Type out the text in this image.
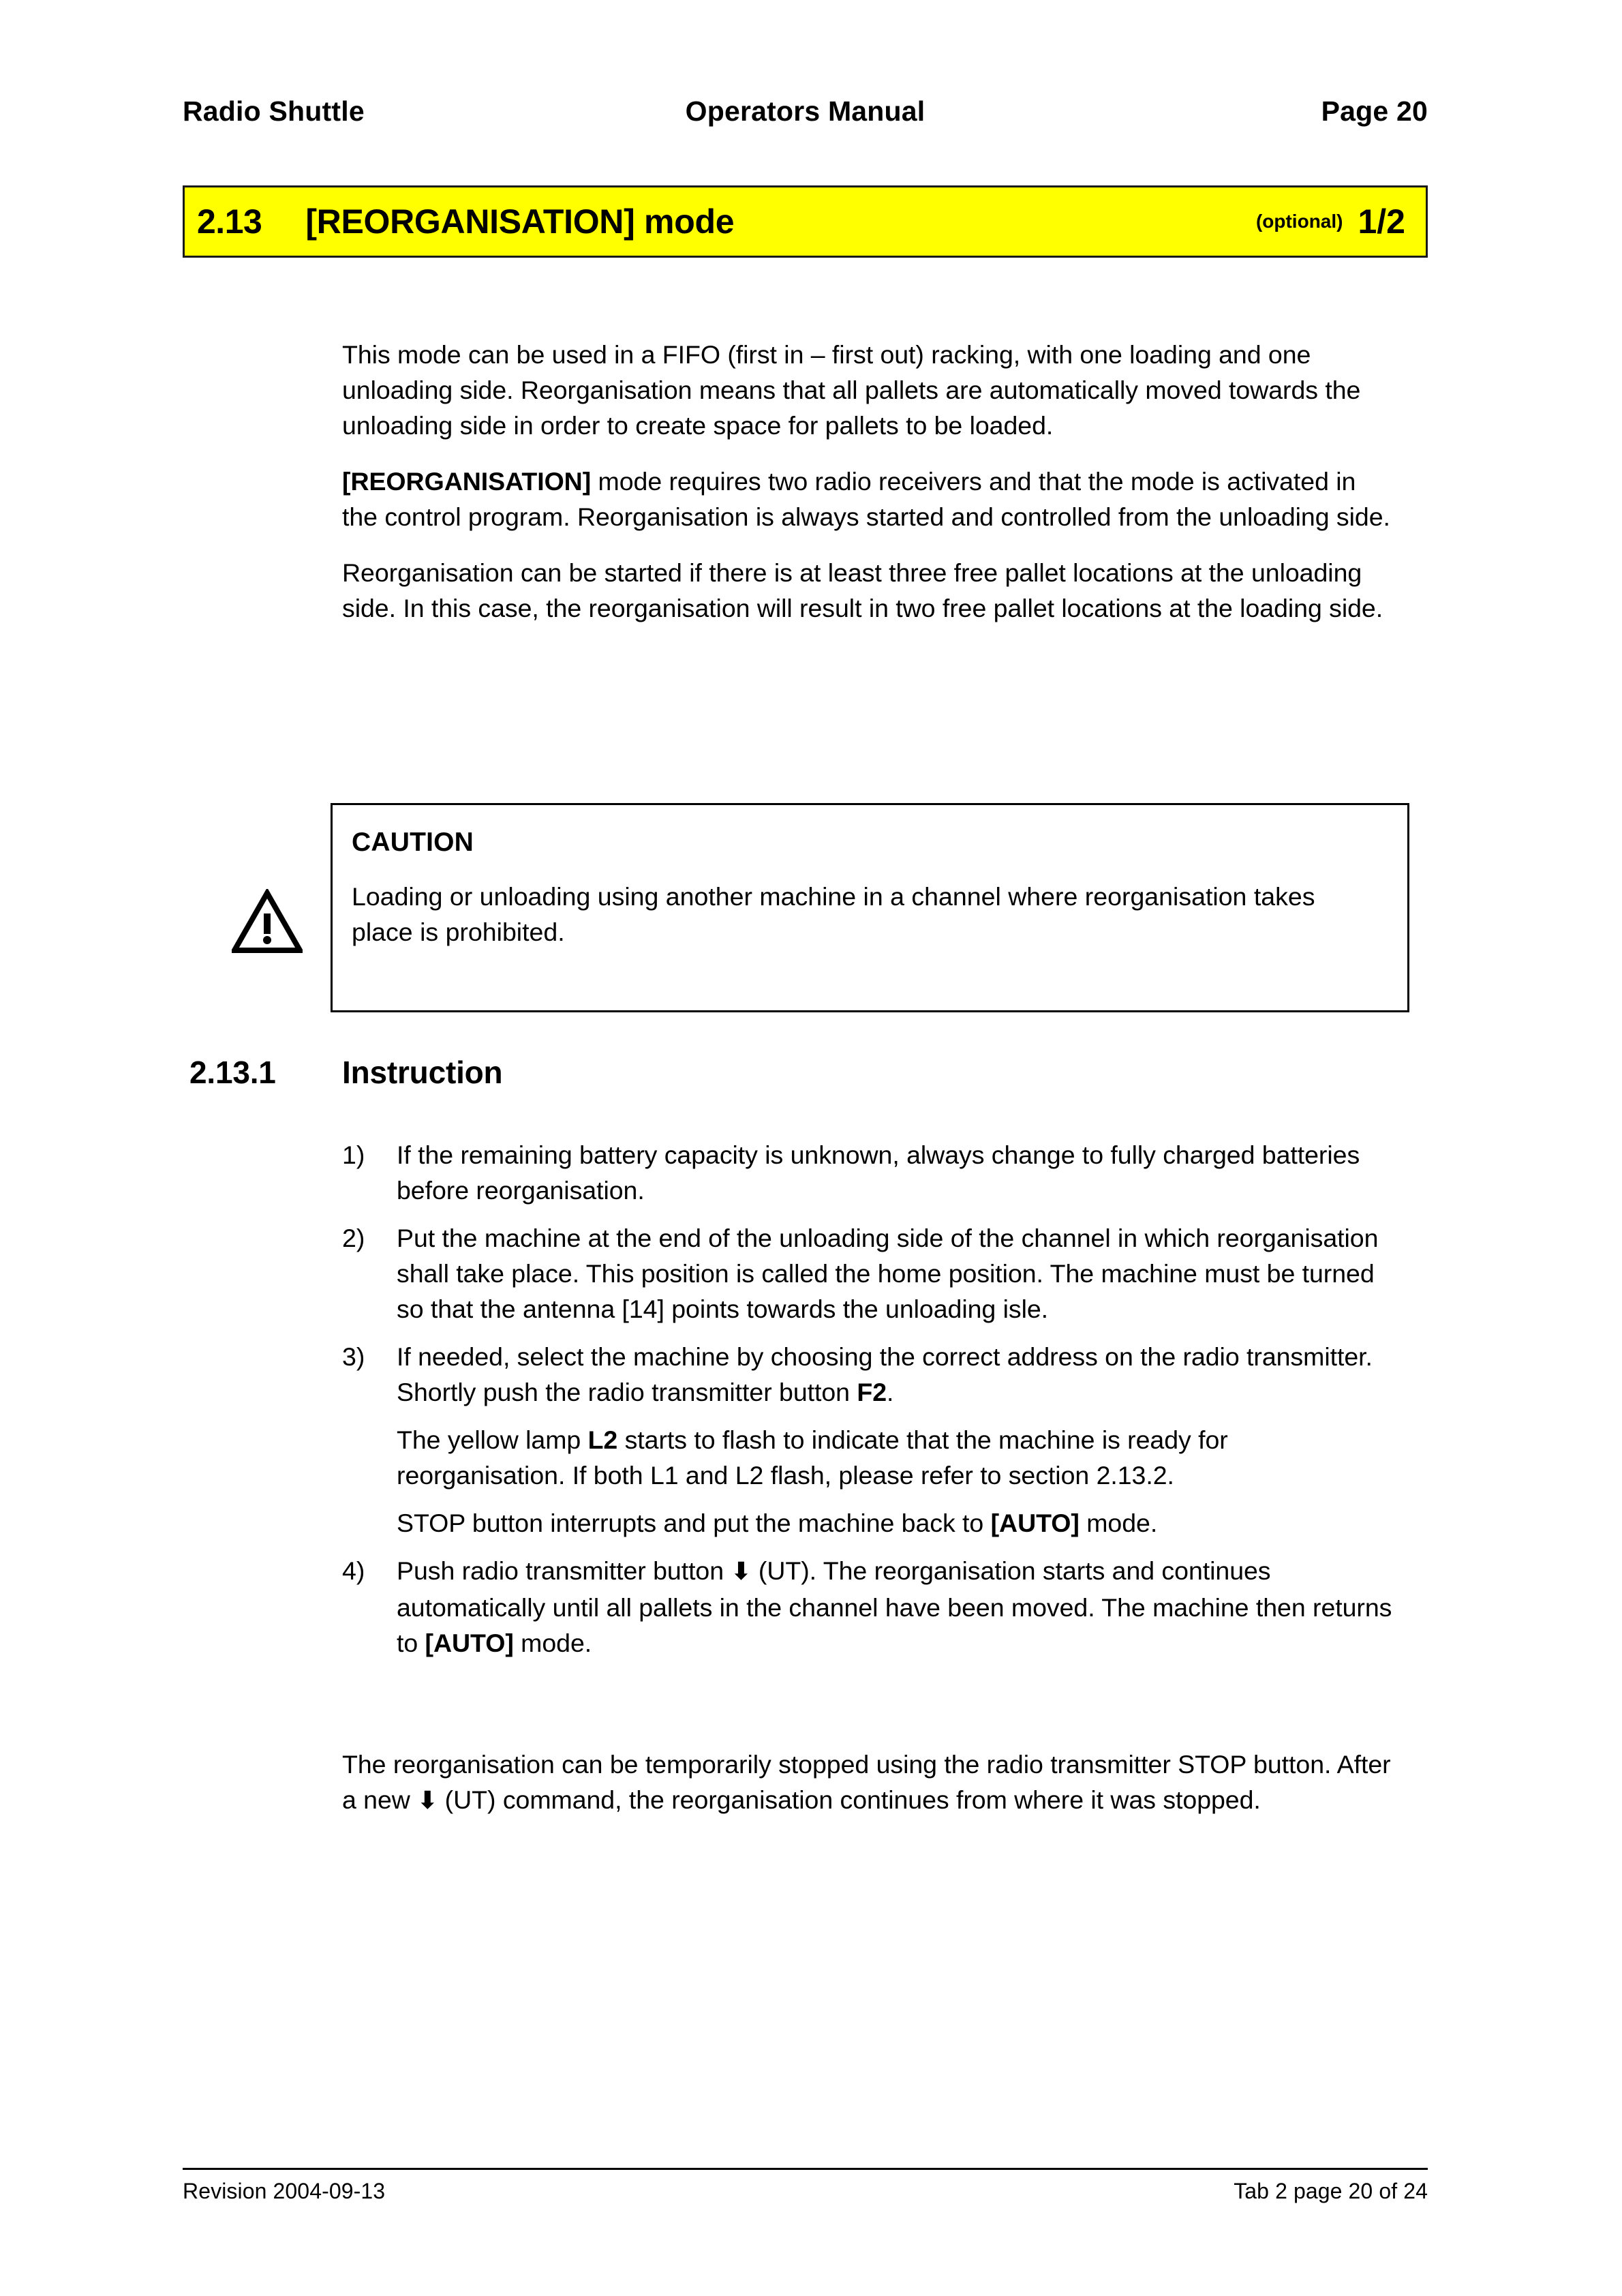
Radio Shuttle	Operators Manual	Page 20
2.13 [REORGANISATION] mode	(optional) 1/2

This mode can be used in a FIFO (first in – first out) racking, with one loading and one unloading side. Reorganisation means that all pallets are automatically moved towards the unloading side in order to create space for pallets to be loaded.

[REORGANISATION] mode requires two radio receivers and that the mode is activated in the control program. Reorganisation is always started and controlled from the unloading side.

Reorganisation can be started if there is at least three free pallet locations at the unloading side. In this case, the reorganisation will result in two free pallet locations at the loading side.

CAUTION

Loading or unloading using another machine in a channel where reorganisation takes place is prohibited.

2.13.1	Instruction
1)	If the remaining battery capacity is unknown, always change to fully charged batteries before reorganisation.
2)	Put the machine at the end of the unloading side of the channel in which reorganisation shall take place. This position is called the home position. The machine must be turned so that the antenna [14] points towards the unloading isle.
3)	If needed, select the machine by choosing the correct address on the radio transmitter. Shortly push the radio transmitter button F2.
The yellow lamp L2 starts to flash to indicate that the machine is ready for reorganisation. If both L1 and L2 flash, please refer to section 2.13.2.
STOP button interrupts and put the machine back to [AUTO] mode.
4)	Push radio transmitter button ⬇ (UT). The reorganisation starts and continues automatically until all pallets in the channel have been moved. The machine then returns to [AUTO] mode.
The reorganisation can be temporarily stopped using the radio transmitter STOP button. After a new ⬇ (UT) command, the reorganisation continues from where it was stopped.
Revision 2004-09-13	Tab 2 page 20 of 24
